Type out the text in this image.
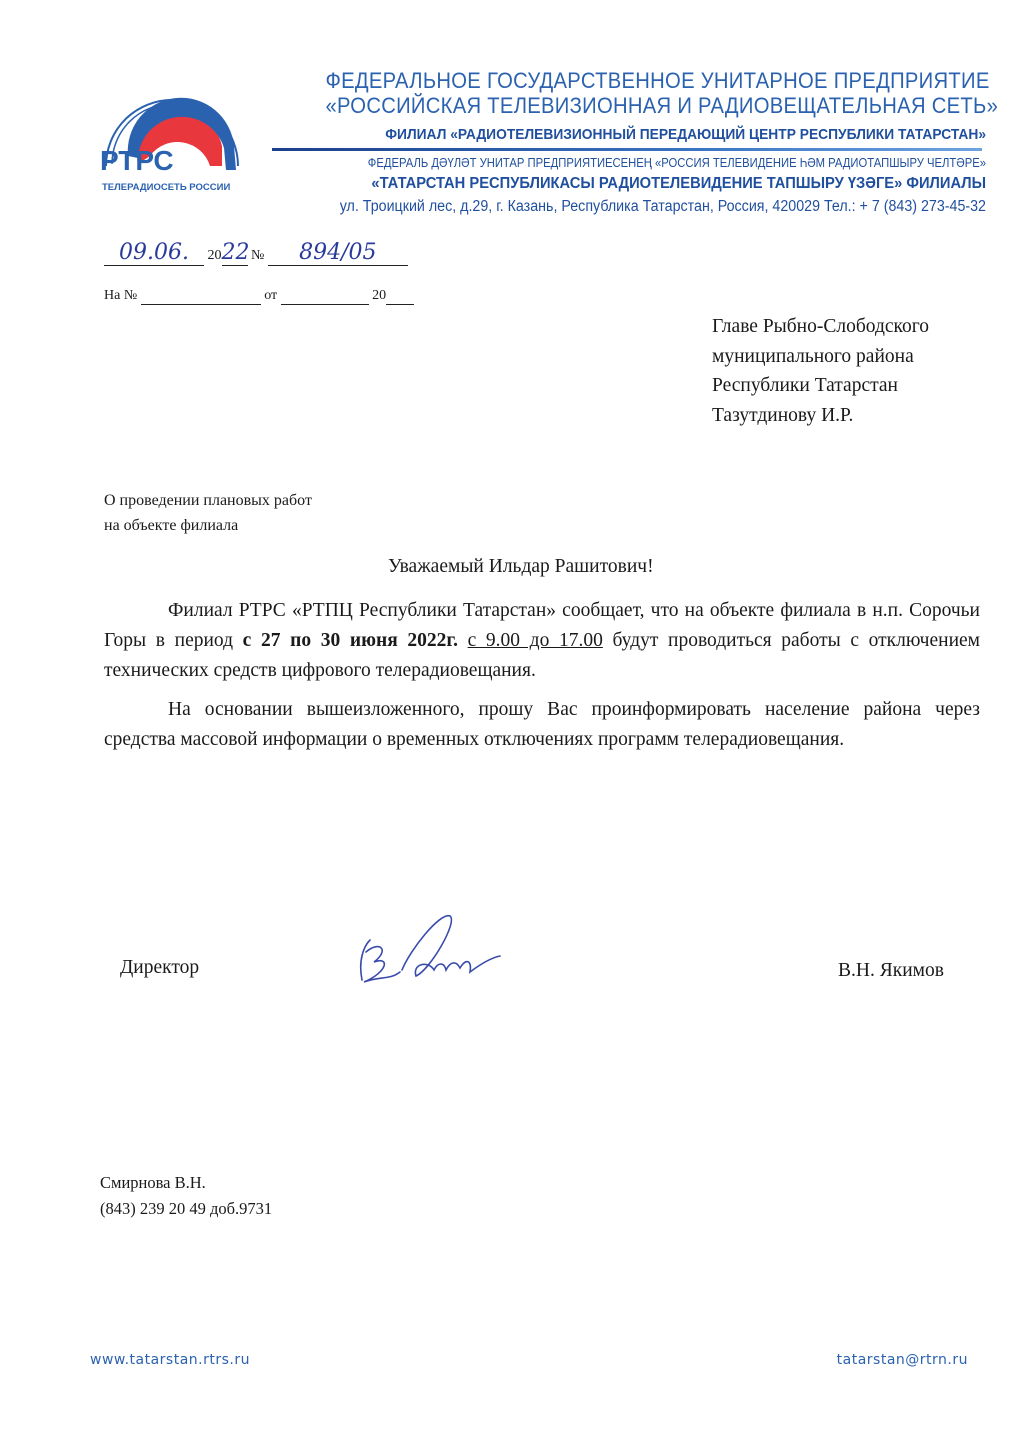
РТРС
ТЕЛЕРАДИОСЕТЬ РОССИИ
ФЕДЕРАЛЬНОЕ ГОСУДАРСТВЕННОЕ УНИТАРНОЕ ПРЕДПРИЯТИЕ
«РОССИЙСКАЯ ТЕЛЕВИЗИОННАЯ И РАДИОВЕЩАТЕЛЬНАЯ СЕТЬ»
ФИЛИАЛ «РАДИОТЕЛЕВИЗИОННЫЙ ПЕРЕДАЮЩИЙ ЦЕНТР РЕСПУБЛИКИ ТАТАРСТАН»
ФЕДЕРАЛЬ ДӘҮЛӘТ УНИТАР ПРЕДПРИЯТИЕСЕНЕҢ «РОССИЯ ТЕЛЕВИДЕНИЕ ҺӘМ РАДИОТАПШЫРУ ЧЕЛТӘРЕ»
«ТАТАРСТАН РЕСПУБЛИКАСЫ РАДИОТЕЛЕВИДЕНИЕ ТАПШЫРУ ҮЗӘГЕ» ФИЛИАЛЫ
ул. Троицкий лес, д.29, г. Казань, Республика Татарстан, Россия, 420029 Тел.: + 7 (843) 273-45-32
09.06. 2022 № 894/05
На №	от	20
Главе Рыбно-Слободского
муниципального района
Республики Татарстан
Тазутдинову И.Р.
О проведении плановых работ
на объекте филиала
Уважаемый Ильдар Рашитович!
Филиал РТРС «РТПЦ Республики Татарстан» сообщает, что на объекте филиала в н.п. Сорочьи Горы в период с 27 по 30 июня 2022г. с 9.00 до 17.00 будут проводиться работы с отключением технических средств цифрового телерадиовещания.
На основании вышеизложенного, прошу Вас проинформировать население района через средства массовой информации о временных отключениях программ телерадиовещания.
Директор	В.Н. Якимов
Смирнова В.Н.
(843) 239 20 49 доб.9731
www.tatarstan.rtrs.ru	tatarstan@rtrn.ru
